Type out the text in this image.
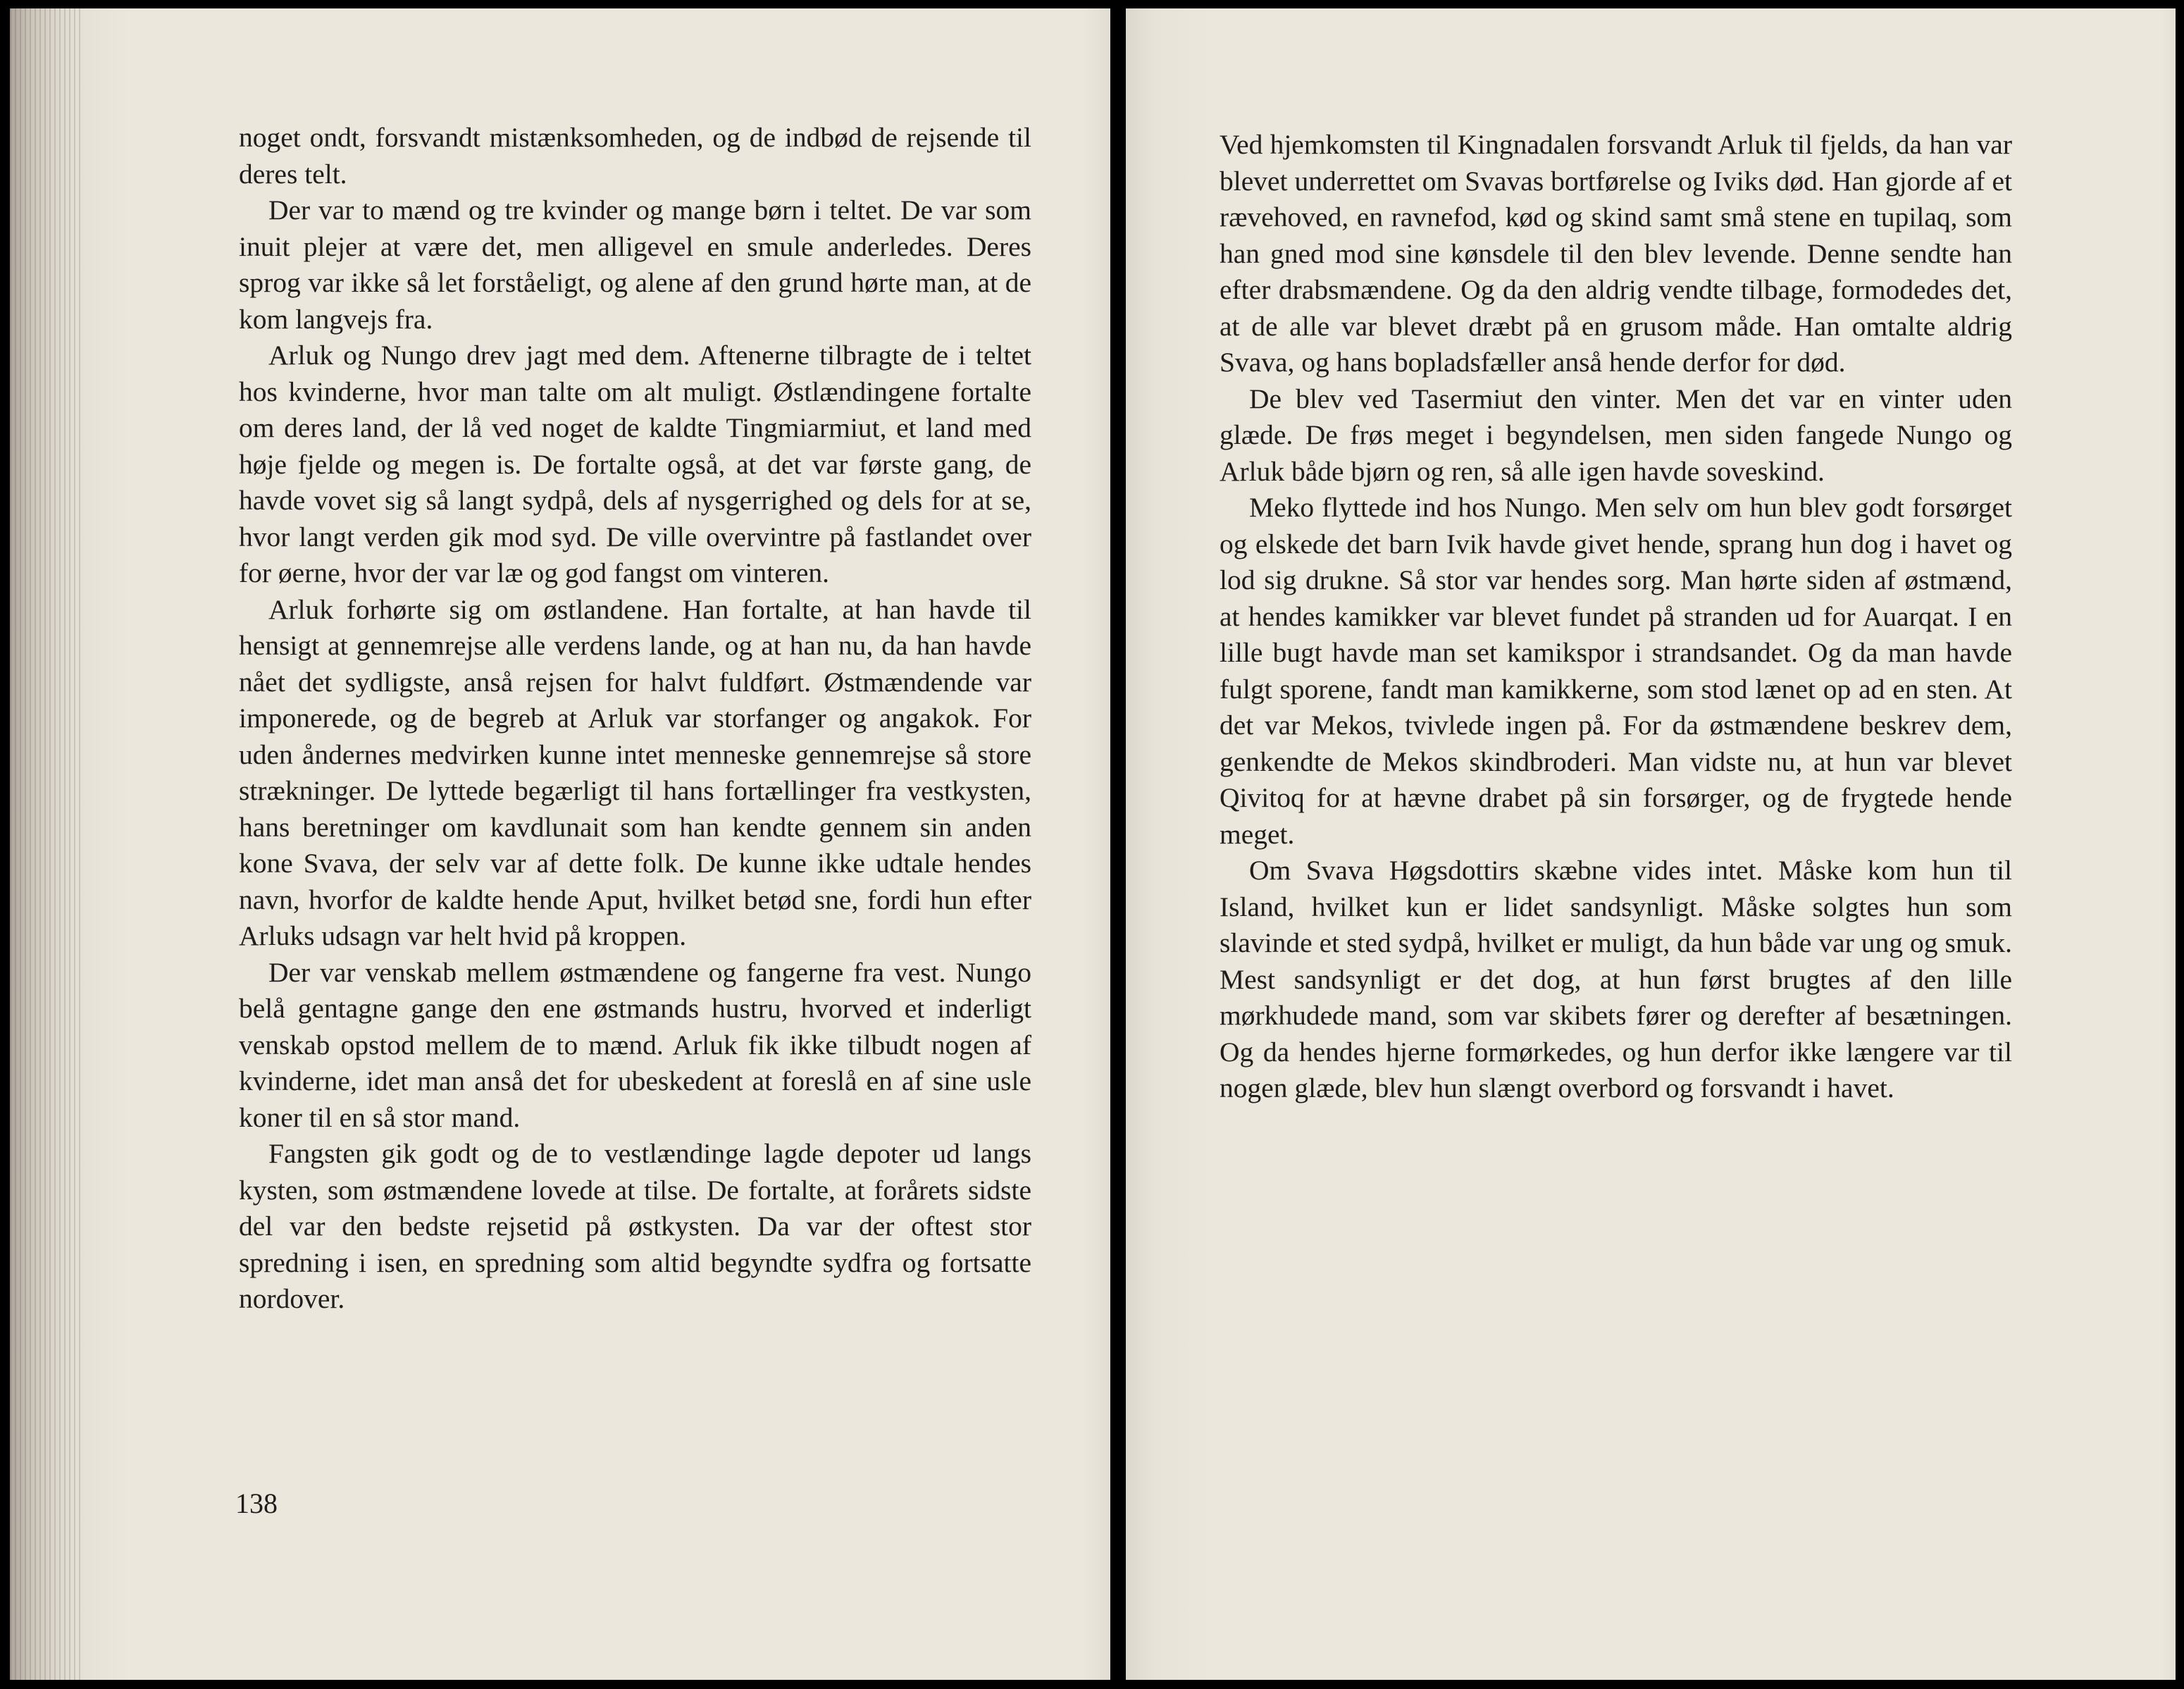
noget ondt, forsvandt mistænksomheden, og de indbød de rejsende til deres telt.

Der var to mænd og tre kvinder og mange børn i teltet. De var som inuit plejer at være det, men alligevel en smule anderledes. Deres sprog var ikke så let forståeligt, og alene af den grund hørte man, at de kom langvejs fra.

Arluk og Nungo drev jagt med dem. Aftenerne tilbragte de i teltet hos kvinderne, hvor man talte om alt muligt. Østlændingene fortalte om deres land, der lå ved noget de kaldte Tingmiarmiut, et land med høje fjelde og megen is. De fortalte også, at det var første gang, de havde vovet sig så langt sydpå, dels af nysgerrighed og dels for at se, hvor langt verden gik mod syd. De ville overvintre på fastlandet over for øerne, hvor der var læ og god fangst om vinteren.

Arluk forhørte sig om østlandene. Han fortalte, at han havde til hensigt at gennemrejse alle verdens lande, og at han nu, da han havde nået det sydligste, anså rejsen for halvt fuldført. Østmændende var imponerede, og de begreb at Arluk var storfanger og angakok. For uden åndernes medvirken kunne intet menneske gennemrejse så store strækninger. De lyttede begærligt til hans fortællinger fra vestkysten, hans beretninger om kavdlunait som han kendte gennem sin anden kone Svava, der selv var af dette folk. De kunne ikke udtale hendes navn, hvorfor de kaldte hende Aput, hvilket betød sne, fordi hun efter Arluks udsagn var helt hvid på kroppen.

Der var venskab mellem østmændene og fangerne fra vest. Nungo belå gentagne gange den ene østmands hustru, hvorved et inderligt venskab opstod mellem de to mænd. Arluk fik ikke tilbudt nogen af kvinderne, idet man anså det for ubeskedent at foreslå en af sine usle koner til en så stor mand.

Fangsten gik godt og de to vestlændinge lagde depoter ud langs kysten, som østmændene lovede at tilse. De fortalte, at forårets sidste del var den bedste rejsetid på østkysten. Da var der oftest stor spredning i isen, en spredning som altid begyndte sydfra og fortsatte nordover.

138

Ved hjemkomsten til Kingnadalen forsvandt Arluk til fjelds, da han var blevet underrettet om Svavas bortførelse og Iviks død. Han gjorde af et rævehoved, en ravnefod, kød og skind samt små stene en tupilaq, som han gned mod sine kønsdele til den blev levende. Denne sendte han efter drabsmændene. Og da den aldrig vendte tilbage, formodedes det, at de alle var blevet dræbt på en grusom måde. Han omtalte aldrig Svava, og hans bopladsfæller anså hende derfor for død.

De blev ved Tasermiut den vinter. Men det var en vinter uden glæde. De frøs meget i begyndelsen, men siden fangede Nungo og Arluk både bjørn og ren, så alle igen havde soveskind.

Meko flyttede ind hos Nungo. Men selv om hun blev godt forsørget og elskede det barn Ivik havde givet hende, sprang hun dog i havet og lod sig drukne. Så stor var hendes sorg. Man hørte siden af østmænd, at hendes kamikker var blevet fundet på stranden ud for Auarqat. I en lille bugt havde man set kamikspor i strandsandet. Og da man havde fulgt sporene, fandt man kamikkerne, som stod lænet op ad en sten. At det var Mekos, tvivlede ingen på. For da østmændene beskrev dem, genkendte de Mekos skindbroderi. Man vidste nu, at hun var blevet Qivitoq for at hævne drabet på sin forsørger, og de frygtede hende meget.

Om Svava Høgsdottirs skæbne vides intet. Måske kom hun til Island, hvilket kun er lidet sandsynligt. Måske solgtes hun som slavinde et sted sydpå, hvilket er muligt, da hun både var ung og smuk. Mest sandsynligt er det dog, at hun først brugtes af den lille mørkhudede mand, som var skibets fører og derefter af besætningen. Og da hendes hjerne formørkedes, og hun derfor ikke længere var til nogen glæde, blev hun slængt overbord og forsvandt i havet.
